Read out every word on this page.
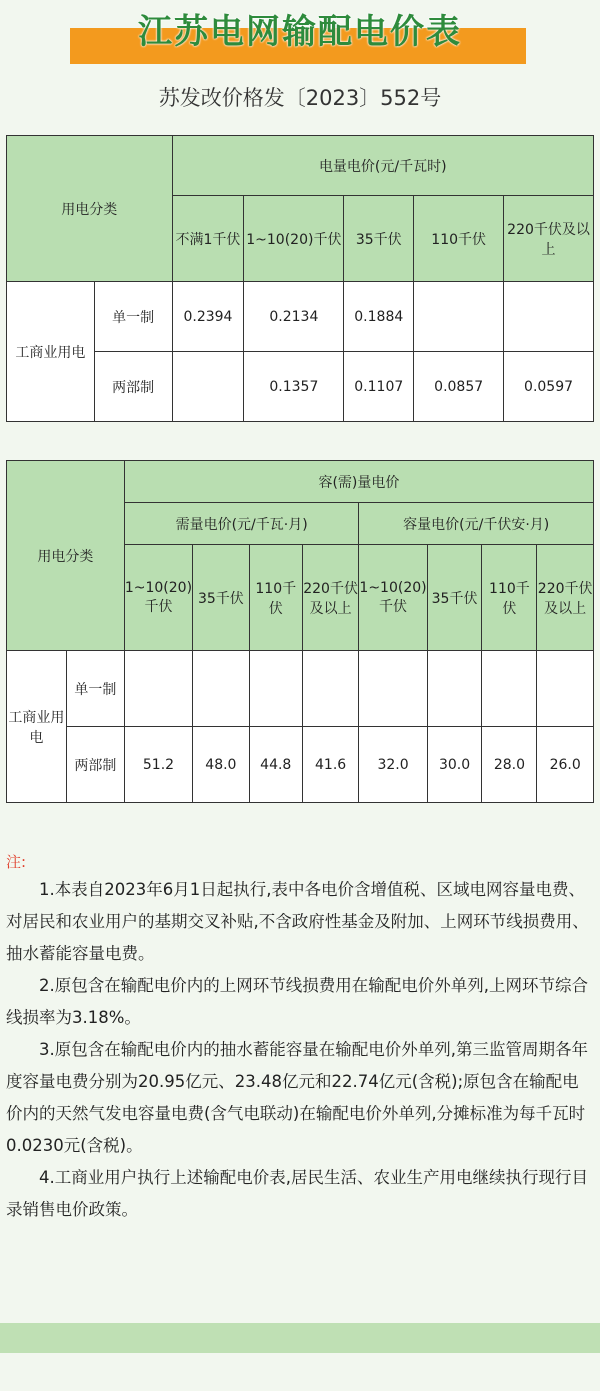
江苏电网输配电价表
苏发改价格发〔2023〕552号
用电分类		电量电价(元/千瓦时)				
		不满1千伏	1~10(20)千伏	35千伏	110千伏	220千伏及以上
工商业用电	单一制	0.2394	0.2134	0.1884		
	两部制		0.1357	0.1107	0.0857	0.0597
用电分类		容(需)量电价							
		需量电价(元/千瓦·月)				容量电价(元/千伏安·月)			
		1~10(20)千伏	35千伏	110千伏	220千伏及以上	1~10(20)千伏	35千伏	110千伏	220千伏及以上
工商业用电	单一制								
	两部制	51.2	48.0	44.8	41.6	32.0	30.0	28.0	26.0
注:

1.本表自2023年6月1日起执行,表中各电价含增值税、区域电网容量电费、对居民和农业用户的基期交叉补贴,不含政府性基金及附加、上网环节线损费用、抽水蓄能容量电费。

2.原包含在输配电价内的上网环节线损费用在输配电价外单列,上网环节综合线损率为3.18%。

3.原包含在输配电价内的抽水蓄能容量在输配电价外单列,第三监管周期各年度容量电费分别为20.95亿元、23.48亿元和22.74亿元(含税);原包含在输配电价内的天然气发电容量电费(含气电联动)在输配电价外单列,分摊标准为每千瓦时0.0230元(含税)。

4.工商业用户执行上述输配电价表,居民生活、农业生产用电继续执行现行目录销售电价政策。
